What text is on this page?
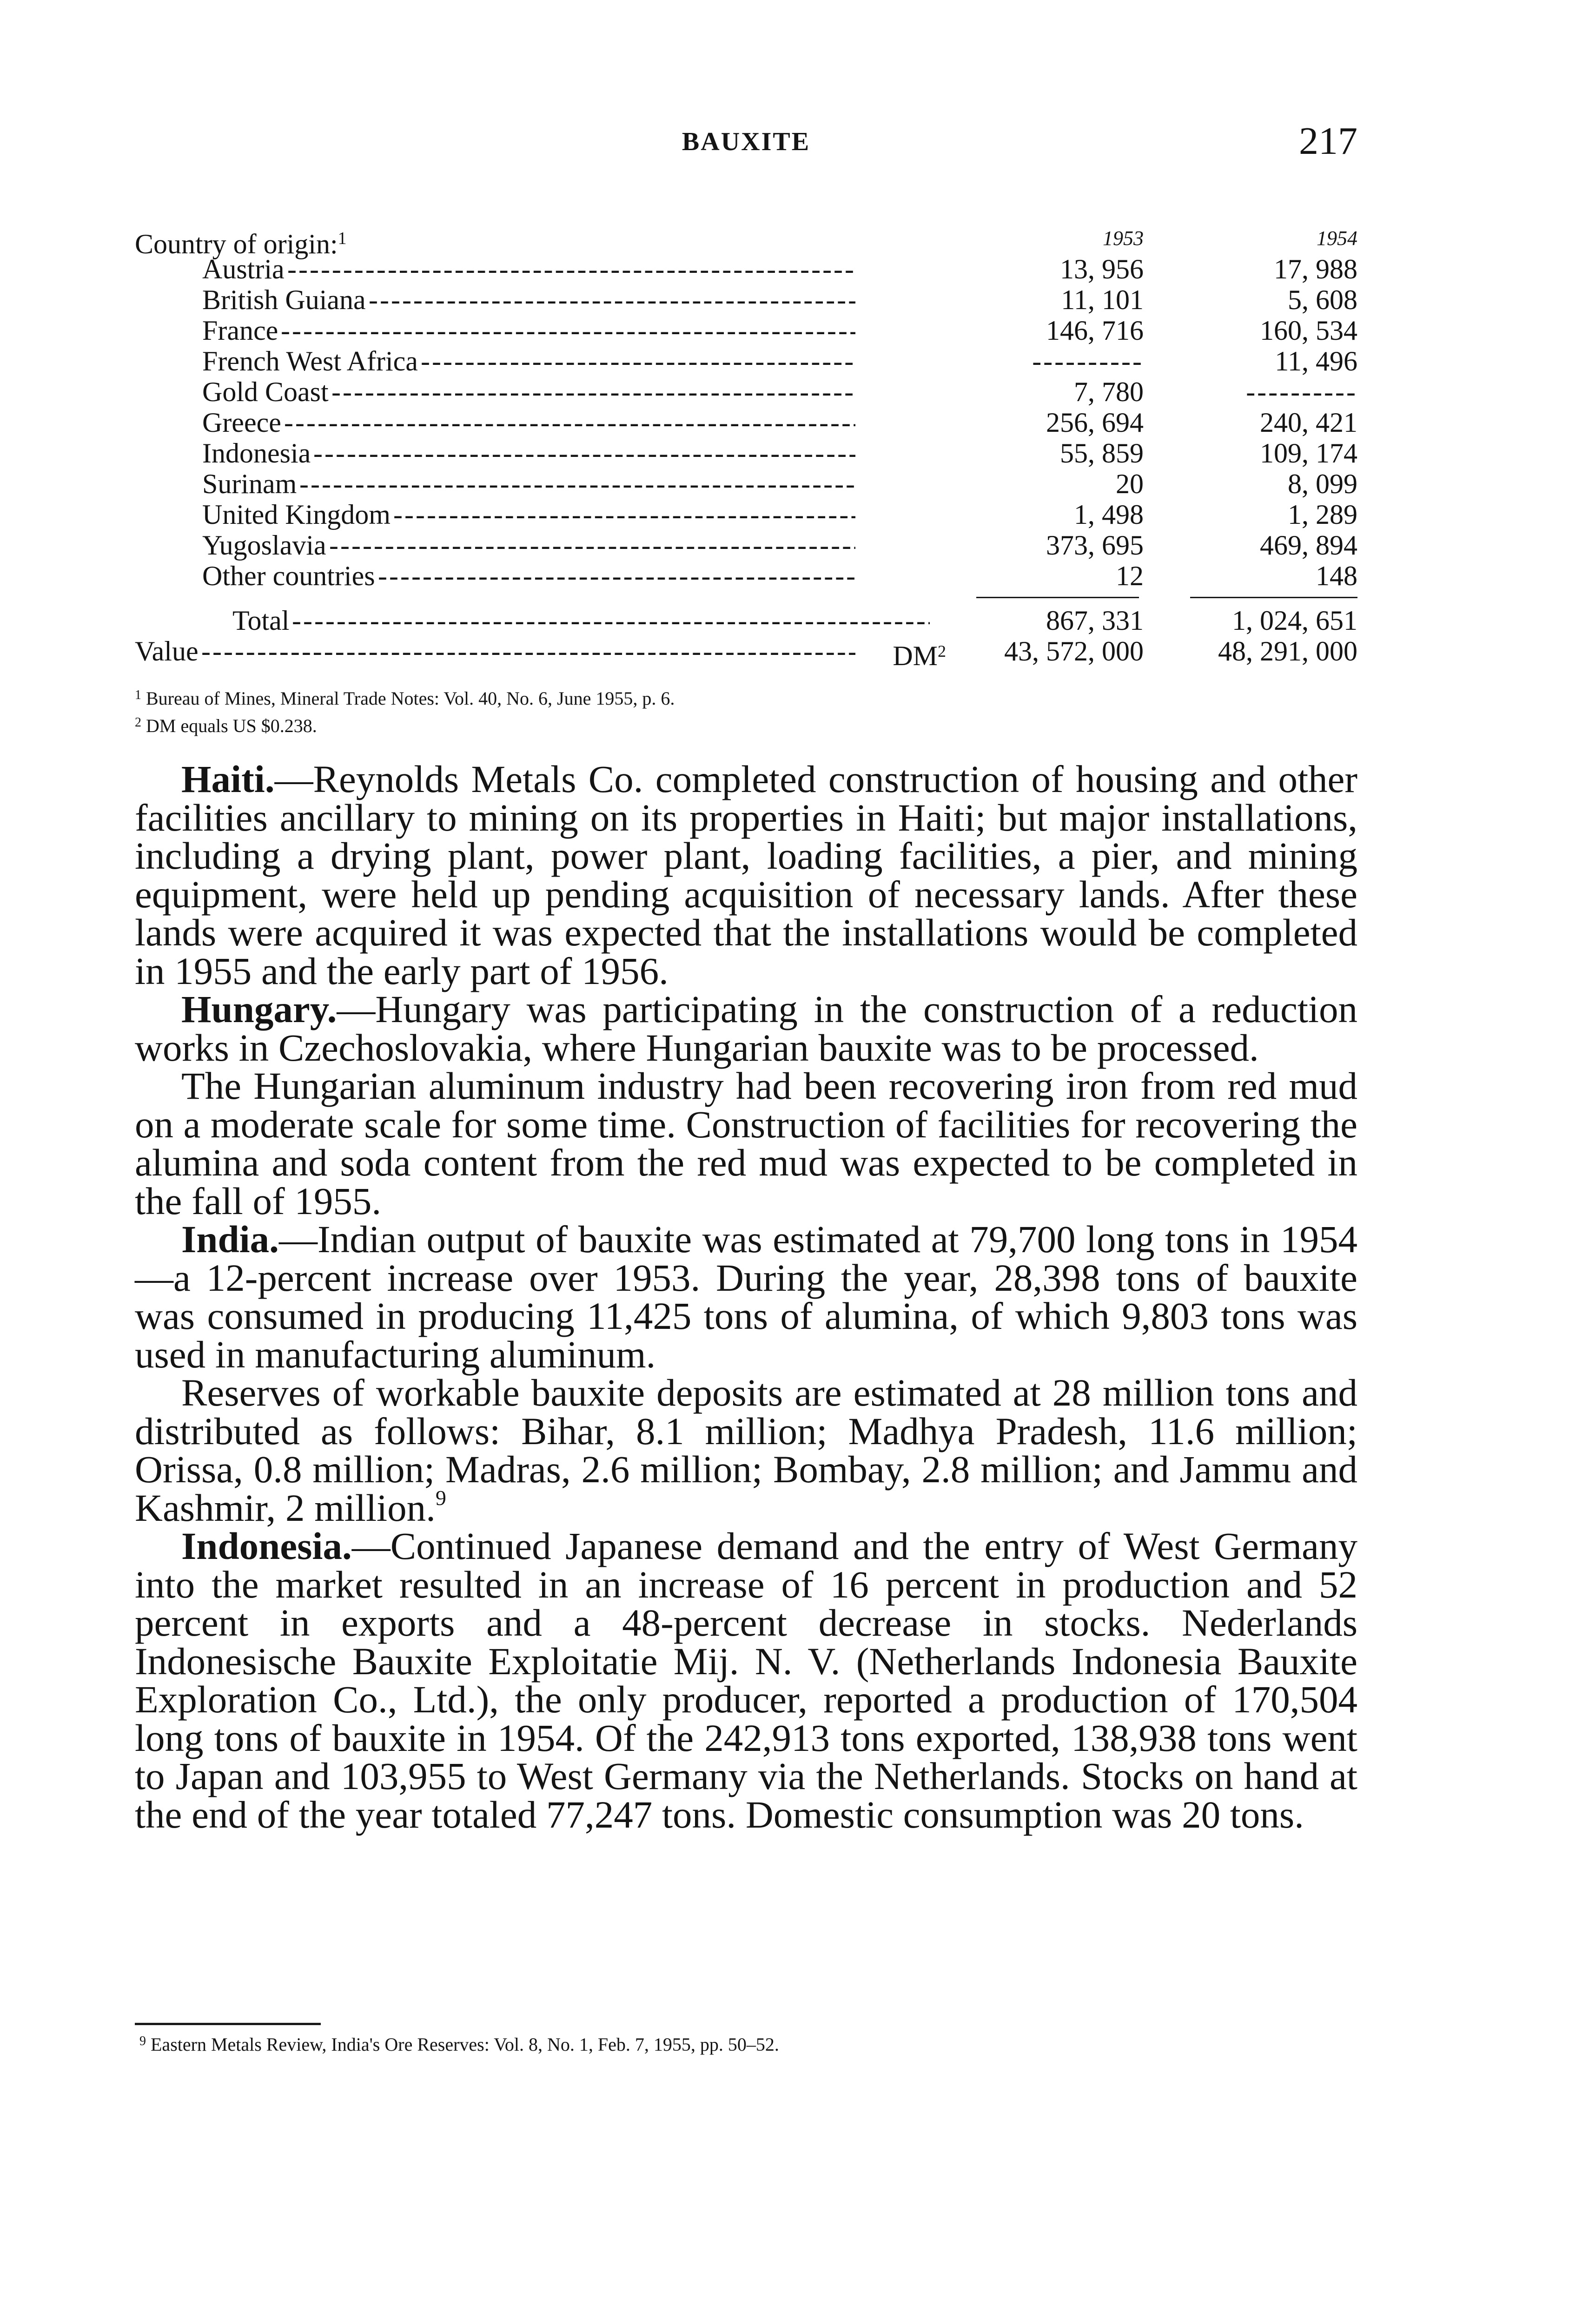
BAUXITE	217
Country of origin:$^1$	1953	1954
Austria -----	13, 956	17, 988
British Guiana -----	11, 101	5, 608
France -----	146, 716	160, 534
French West Africa -----	----------	11, 496
Gold Coast -----	7, 780	----------
Greece -----	256, 694	240, 421
Indonesia -----	55, 859	109, 174
Surinam -----	20	8, 099
United Kingdom -----	1, 498	1, 289
Yugoslavia -----	373, 695	469, 894
Other countries -----	12	148
Total -----	867, 331	1, 024, 651
Value -----	$DM^2$	43, 572, 000	48, 291, 000
$^1$ Bureau of Mines, Mineral Trade Notes: Vol. 40, No. 6, June 1955, p. 6.
$^2$ DM equals US $0.238.

Haiti.—Reynolds Metals Co. completed construction of housing and other facilities ancillary to mining on its properties in Haiti; but major installations, including a drying plant, power plant, loading facilities, a pier, and mining equipment, were held up pending acquisition of necessary lands. After these lands were acquired it was expected that the installations would be completed in 1955 and the early part of 1956.

Hungary.—Hungary was participating in the construction of a reduction works in Czechoslovakia, where Hungarian bauxite was to be processed.

The Hungarian aluminum industry had been recovering iron from red mud on a moderate scale for some time. Construction of facilities for recovering the alumina and soda content from the red mud was expected to be completed in the fall of 1955.

India.—Indian output of bauxite was estimated at 79,700 long tons in 1954—a 12-percent increase over 1953. During the year, 28,398 tons of bauxite was consumed in producing 11,425 tons of alumina, of which 9,803 tons was used in manufacturing aluminum.

Reserves of workable bauxite deposits are estimated at 28 million tons and distributed as follows: Bihar, 8.1 million; Madhya Pradesh, 11.6 million; Orissa, 0.8 million; Madras, 2.6 million; Bombay, 2.8 million; and Jammu and Kashmir, 2 million.$^9$

Indonesia.—Continued Japanese demand and the entry of West Germany into the market resulted in an increase of 16 percent in production and 52 percent in exports and a 48-percent decrease in stocks. Nederlands Indonesische Bauxite Exploitatie Mij. N. V. (Netherlands Indonesia Bauxite Exploration Co., Ltd.), the only producer, reported a production of 170,504 long tons of bauxite in 1954. Of the 242,913 tons exported, 138,938 tons went to Japan and 103,955 to West Germany via the Netherlands. Stocks on hand at the end of the year totaled 77,247 tons. Domestic consumption was 20 tons.

$^9$ Eastern Metals Review, India's Ore Reserves: Vol. 8, No. 1, Feb. 7, 1955, pp. 50–52.
